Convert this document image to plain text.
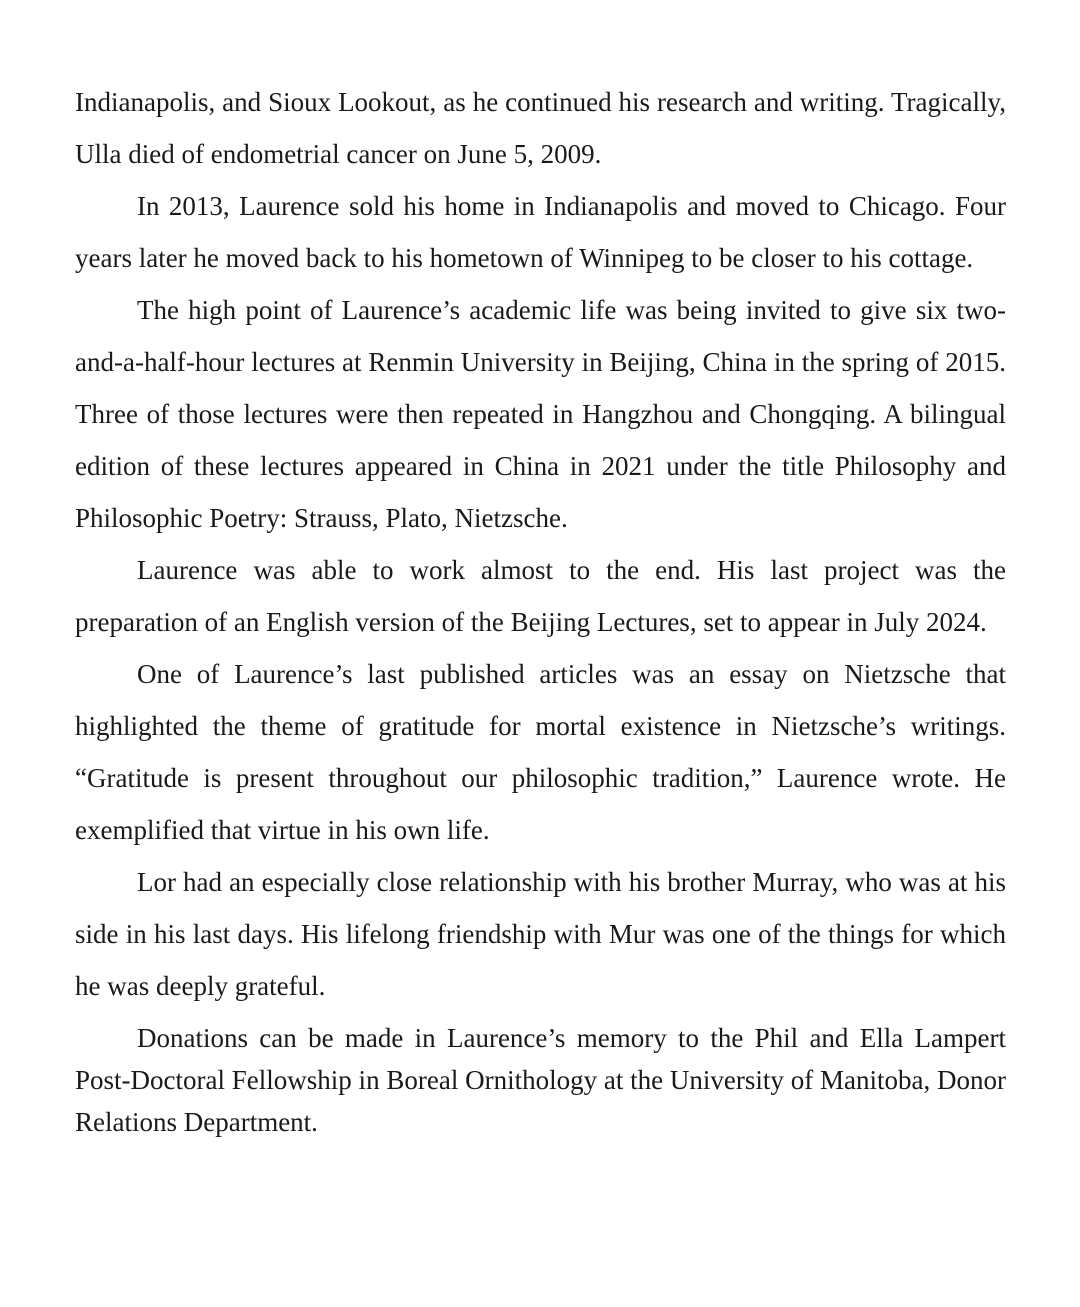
Indianapolis, and Sioux Lookout, as he continued his research and writing. Tragically, Ulla died of endometrial cancer on June 5, 2009.

In 2013, Laurence sold his home in Indianapolis and moved to Chicago. Four years later he moved back to his hometown of Winnipeg to be closer to his cottage.

The high point of Laurence’s academic life was being invited to give six two-and-a-half-hour lectures at Renmin University in Beijing, China in the spring of 2015. Three of those lectures were then repeated in Hangzhou and Chongqing. A bilingual edition of these lectures appeared in China in 2021 under the title Philosophy and Philosophic Poetry: Strauss, Plato, Nietzsche.

Laurence was able to work almost to the end. His last project was the preparation of an English version of the Beijing Lectures, set to appear in July 2024.

One of Laurence’s last published articles was an essay on Nietzsche that highlighted the theme of gratitude for mortal existence in Nietzsche’s writings. “Gratitude is present throughout our philosophic tradition,” Laurence wrote. He exemplified that virtue in his own life.

Lor had an especially close relationship with his brother Murray, who was at his side in his last days. His lifelong friendship with Mur was one of the things for which he was deeply grateful.

Donations can be made in Laurence’s memory to the Phil and Ella Lampert Post-Doctoral Fellowship in Boreal Ornithology at the University of Manitoba, Donor Relations Department.
